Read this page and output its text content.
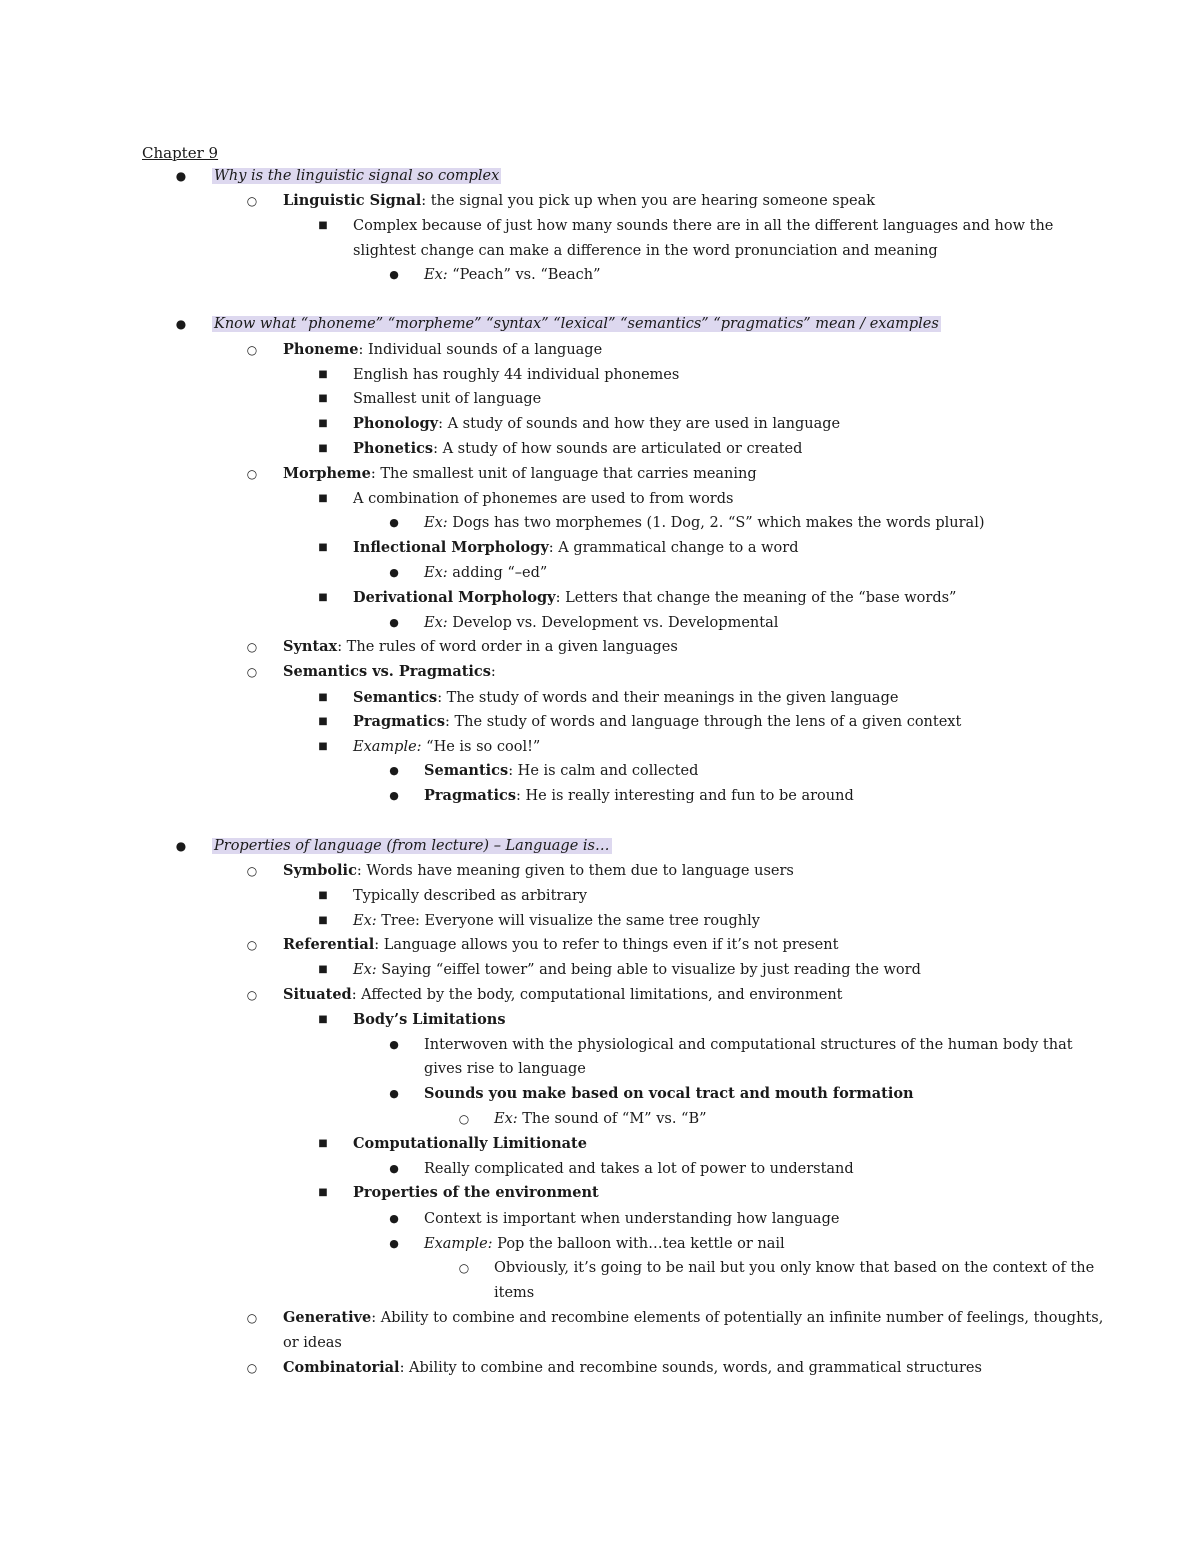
Chapter 9
● Why is the linguistic signal so complex
○ Linguistic Signal: the signal you pick up when you are hearing someone speak
■ Complex because of just how many sounds there are in all the different languages and how the
slightest change can make a difference in the word pronunciation and meaning
● Ex: “Peach” vs. “Beach”
● Know what “phoneme” “morpheme” “syntax” “lexical” “semantics” “pragmatics” mean / examples
○ Phoneme: Individual sounds of a language
■ English has roughly 44 individual phonemes
■ Smallest unit of language
■ Phonology: A study of sounds and how they are used in language
■ Phonetics: A study of how sounds are articulated or created
○ Morpheme: The smallest unit of language that carries meaning
■ A combination of phonemes are used to from words
● Ex: Dogs has two morphemes (1. Dog, 2. “S” which makes the words plural)
■ Inflectional Morphology: A grammatical change to a word
● Ex: adding “–ed”
■ Derivational Morphology: Letters that change the meaning of the “base words”
● Ex: Develop vs. Development vs. Developmental
○ Syntax: The rules of word order in a given languages
○ Semantics vs. Pragmatics:
■ Semantics: The study of words and their meanings in the given language
■ Pragmatics: The study of words and language through the lens of a given context
■ Example: “He is so cool!”
● Semantics: He is calm and collected
● Pragmatics: He is really interesting and fun to be around
● Properties of language (from lecture) – Language is…
○ Symbolic: Words have meaning given to them due to language users
■ Typically described as arbitrary
■ Ex: Tree: Everyone will visualize the same tree roughly
○ Referential: Language allows you to refer to things even if it’s not present
■ Ex: Saying “eiffel tower” and being able to visualize by just reading the word
○ Situated: Affected by the body, computational limitations, and environment
■ Body’s Limitations
● Interwoven with the physiological and computational structures of the human body that
gives rise to language
● Sounds you make based on vocal tract and mouth formation
○ Ex: The sound of “M” vs. “B”
■ Computationally Limitionate
● Really complicated and takes a lot of power to understand
■ Properties of the environment
● Context is important when understanding how language
● Example: Pop the balloon with…tea kettle or nail
○ Obviously, it’s going to be nail but you only know that based on the context of the
items
○ Generative: Ability to combine and recombine elements of potentially an infinite number of feelings, thoughts,
or ideas
○ Combinatorial: Ability to combine and recombine sounds, words, and grammatical structures
